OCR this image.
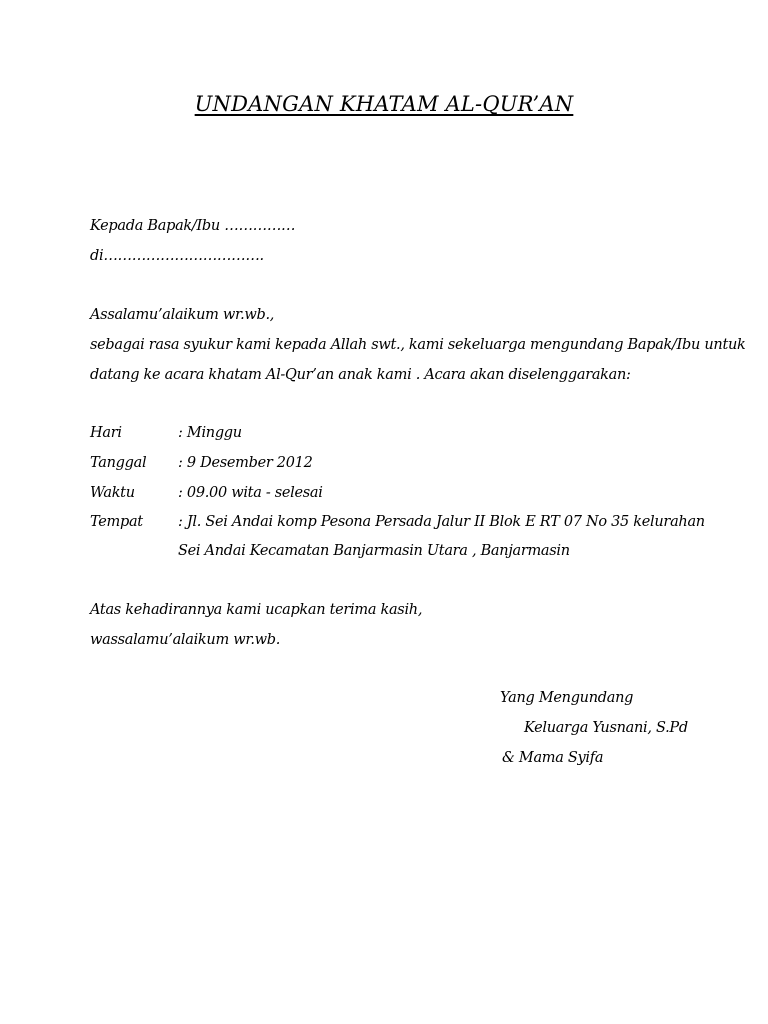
UNDANGAN KHATAM AL-QUR’AN
Kepada Bapak/Ibu ……………
di…………………………….
Assalamu’alaikum wr.wb.,
sebagai rasa syukur kami kepada Allah swt., kami sekeluarga mengundang Bapak/Ibu untuk
datang ke acara khatam Al-Qur’an anak kami . Acara akan diselenggarakan:
Hari	: Minggu
Tanggal : 9 Desember 2012
Waktu	: 09.00 wita - selesai
Tempat : Jl. Sei Andai komp Pesona Persada Jalur II Blok E RT 07 No 35 kelurahan
Sei Andai Kecamatan Banjarmasin Utara , Banjarmasin
Atas kehadirannya kami ucapkan terima kasih,
wassalamu’alaikum wr.wb.
Yang Mengundang
Keluarga Yusnani, S.Pd
& Mama Syifa
